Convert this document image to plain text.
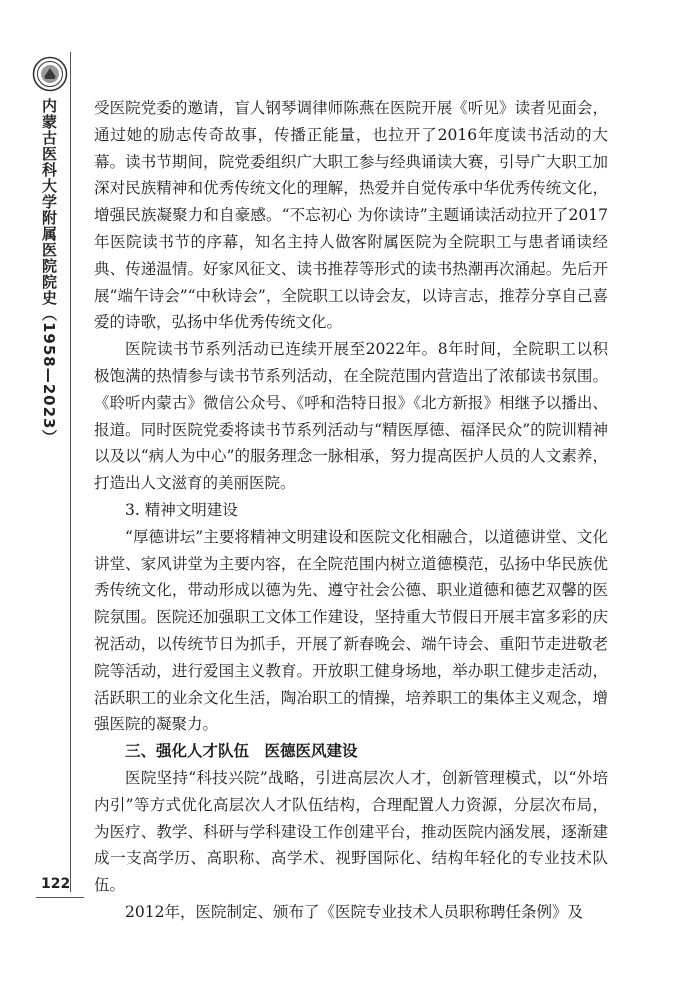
内蒙古医科大学附属医院院史（1958—2023）
122

受医院党委的邀请，盲人钢琴调律师陈燕在医院开展《听见》读者见面会，通过她的励志传奇故事，传播正能量，也拉开了2016年度读书活动的大幕。读书节期间，院党委组织广大职工参与经典诵读大赛，引导广大职工加深对民族精神和优秀传统文化的理解，热爱并自觉传承中华优秀传统文化，增强民族凝聚力和自豪感。“不忘初心 为你读诗”主题诵读活动拉开了2017年医院读书节的序幕，知名主持人做客附属医院为全院职工与患者诵读经典、传递温情。好家风征文、读书推荐等形式的读书热潮再次涌起。先后开展“端午诗会”“中秋诗会”，全院职工以诗会友，以诗言志，推荐分享自己喜爱的诗歌，弘扬中华优秀传统文化。

医院读书节系列活动已连续开展至2022年。8年时间，全院职工以积极饱满的热情参与读书节系列活动，在全院范围内营造出了浓郁读书氛围。《聆听内蒙古》微信公众号、《呼和浩特日报》《北方新报》相继予以播出、报道。同时医院党委将读书节系列活动与“精医厚德、福泽民众”的院训精神以及以“病人为中心”的服务理念一脉相承，努力提高医护人员的人文素养，打造出人文滋育的美丽医院。

3. 精神文明建设

“厚德讲坛”主要将精神文明建设和医院文化相融合，以道德讲堂、文化讲堂、家风讲堂为主要内容，在全院范围内树立道德模范，弘扬中华民族优秀传统文化，带动形成以德为先、遵守社会公德、职业道德和德艺双馨的医院氛围。医院还加强职工文体工作建设，坚持重大节假日开展丰富多彩的庆祝活动，以传统节日为抓手，开展了新春晚会、端午诗会、重阳节走进敬老院等活动，进行爱国主义教育。开放职工健身场地，举办职工健步走活动，活跃职工的业余文化生活，陶冶职工的情操，培养职工的集体主义观念，增强医院的凝聚力。

三、强化人才队伍　医德医风建设

医院坚持“科技兴院”战略，引进高层次人才，创新管理模式，以“外培内引”等方式优化高层次人才队伍结构，合理配置人力资源，分层次布局，为医疗、教学、科研与学科建设工作创建平台，推动医院内涵发展，逐渐建成一支高学历、高职称、高学术、视野国际化、结构年轻化的专业技术队伍。

2012年，医院制定、颁布了《医院专业技术人员职称聘任条例》及
